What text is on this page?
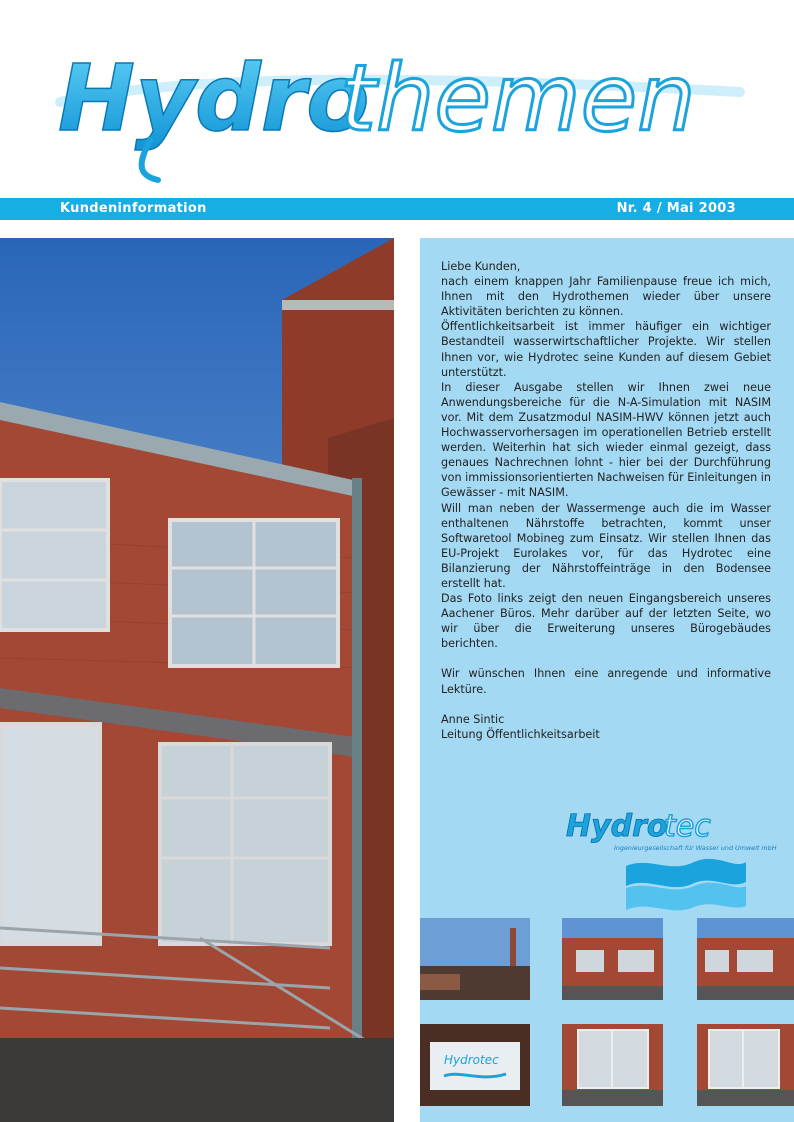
Hydro
themen
Kundeninformation	Nr. 4 / Mai 2003

Liebe Kunden,

nach einem knappen Jahr Familienpause freue ich mich, Ihnen mit den Hydrothemen wieder über unsere Aktivitäten berichten zu können.

Öffentlichkeitsarbeit ist immer häufiger ein wichtiger Bestandteil wasserwirtschaftlicher Projekte. Wir stellen Ihnen vor, wie Hydrotec seine Kunden auf diesem Gebiet unterstützt.

In dieser Ausgabe stellen wir Ihnen zwei neue Anwendungsbereiche für die N-A-Simulation mit NASIM vor. Mit dem Zusatzmodul NASIM-HWV können jetzt auch Hochwasservorhersagen im operationellen Betrieb erstellt werden. Weiterhin hat sich wieder einmal gezeigt, dass genaues Nachrechnen lohnt - hier bei der Durchführung von immissionsorientierten Nachweisen für Einleitungen in Gewässer - mit NASIM.

Will man neben der Wassermenge auch die im Wasser enthaltenen Nährstoffe betrachten, kommt unser Softwaretool Mobineg zum Einsatz. Wir stellen Ihnen das EU-Projekt Eurolakes vor, für das Hydrotec eine Bilanzierung der Nährstoffeinträge in den Bodensee erstellt hat.

Das Foto links zeigt den neuen Eingangsbereich unseres Aachener Büros. Mehr darüber auf der letzten Seite, wo wir über die Erweiterung unseres Bürogebäudes berichten.

Wir wünschen Ihnen eine anregende und informative Lektüre.

Anne Sintic

Leitung Öffentlichkeitsarbeit

Hydro
tec
Ingenieurgesellschaft für Wasser und Umwelt mbH
Hydrotec
